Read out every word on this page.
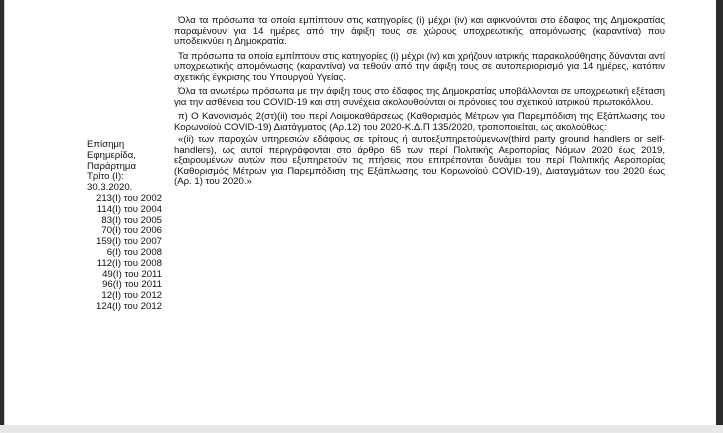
Επίσημη
Εφημερίδα,
Παράρτημα
Τρίτο (Ι):
30.3.2020.
213(Ι) του 2002
114(Ι) του 2004
83(Ι) του 2005
70(Ι) του 2006
159(Ι) του 2007
6(Ι) του 2008
112(Ι) του 2008
49(Ι) του 2011
96(Ι) του 2011
12(Ι) του 2012
124(Ι) του 2012

Όλα τα πρόσωπα τα οποία εμπίπτουν στις κατηγορίες (i) μέχρι (iv) και αφικνούνται στο έδαφος της Δημοκρατίας παραμένουν για 14 ημέρες από την άφιξη τους σε χώρους υποχρεωτικής απομόνωσης (καραντίνα) που υποδεικνύει η Δημοκρατία.

Τα πρόσωπα τα οποία εμπίπτουν στις κατηγορίες (i) μέχρι (iv) και χρήζουν ιατρικής παρακολούθησης δύνανται αντί υποχρεωτικής απομόνωσης (καραντίνα) να τεθούν από την άφιξη τους σε αυτοπεριορισμό για 14 ημέρες, κατόπιν σχετικής έγκρισης του Υπουργού Υγείας.

Όλα τα ανωτέρω πρόσωπα με την άφιξη τους στο έδαφος της Δημοκρατίας υποβάλλονται σε υποχρεωτική εξέταση για την ασθένεια του COVID-19 και στη συνέχεια ακολουθούνται οι πρόνοιες του σχετικού ιατρικού πρωτοκόλλου.

π) Ο Κανονισμός 2(στ)(ii) του περί Λοιμοκαθάρσεως (Καθορισμός Μέτρων για Παρεμπόδιση της Εξάπλωσης του Κορωνοϊού COVID-19) Διατάγματος (Αρ.12) του 2020-Κ.Δ.Π 135/2020, τροποποιείται, ως ακολούθως:

«(ii) των παροχών υπηρεσιών εδάφους σε τρίτους ή αυτοεξυπηρετούμενων(third party ground handlers or self-handlers), ως αυτοί περιγράφονται στο άρθρο 65 των περί Πολιτικής Αεροπορίας Νόμων 2020 έως 2019, εξαιρουμένων αυτών που εξυπηρετούν τις πτήσεις που επιτρέπονται δυνάμει του περί Πολιτικής Αεροπορίας (Καθορισμός Μέτρων για Παρεμπόδιση της Εξάπλωσης του Κορωνοϊού COVID-19), Διαταγμάτων του 2020 έως (Αρ. 1) του 2020.»
